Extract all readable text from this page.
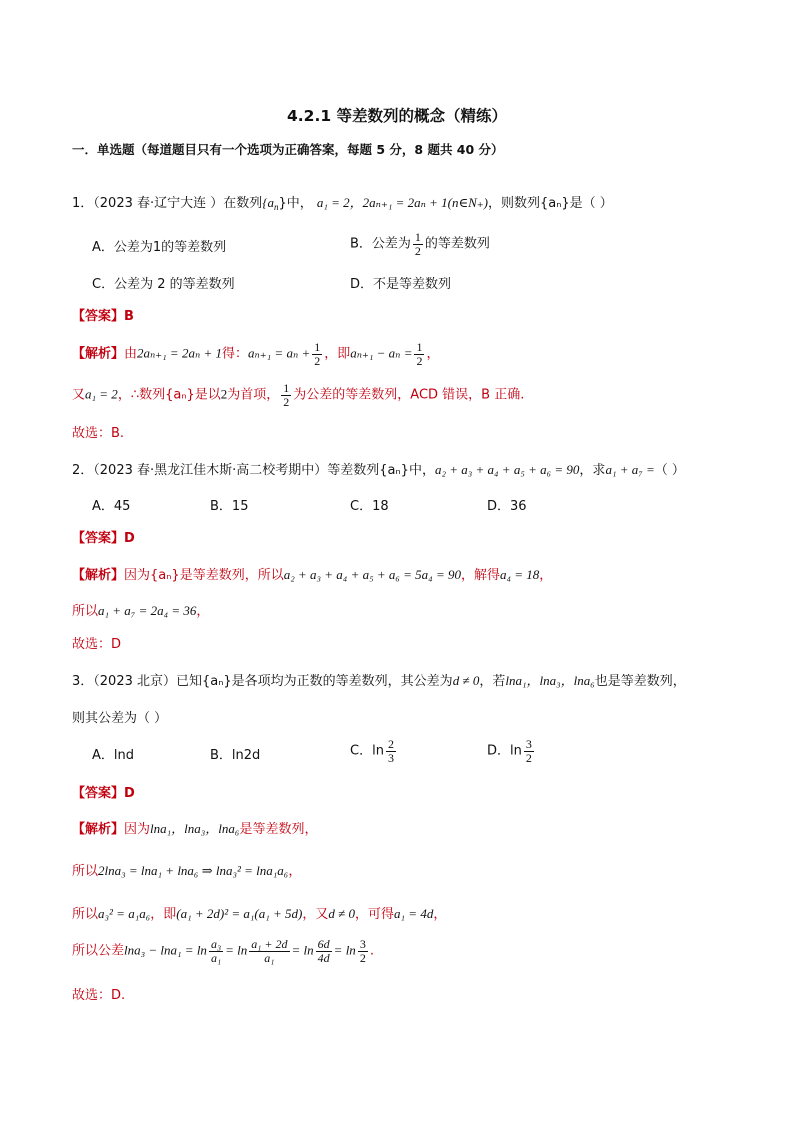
4.2.1 等差数列的概念（精练）
一．单选题（每道题目只有一个选项为正确答案，每题 5 分，8 题共 40 分）
1．（2023 春·辽宁大连 ）在数列$\{a_n\}$中， a₁ = 2，2aₙ₊₁ = 2aₙ + 1(n∈N₊)，则数列{aₙ}是（ ）
A．公差为1的等差数列	B．公差为 $\frac{1}{2}$ 的等差数列
C．公差为 2 的等差数列	D．不是等差数列
【答案】B
【解析】由2aₙ₊₁ = 2aₙ + 1得：$a_{n+1} = a_n + \frac{1}{2}$ ，即$a_{n+1} - a_n = \frac{1}{2}$ ，
又a₁ = 2，∴数列{aₙ}是以2为首项， $\frac{1}{2}$ 为公差的等差数列，ACD 错误，B 正确.
故选：B.
2．（2023 春·黑龙江佳木斯·高二校考期中）等差数列{aₙ}中，a₂ + a₃ + a₄ + a₅ + a₆ = 90，求a₁ + a₇ =（ ）
A．45	B．15	C．18	D．36
【答案】D
【解析】因为{aₙ}是等差数列，所以a₂ + a₃ + a₄ + a₅ + a₆ = 5a₄ = 90，解得a₄ = 18，
所以a₁ + a₇ = 2a₄ = 36，
故选：D
3．（2023 北京）已知{aₙ}是各项均为正数的等差数列，其公差为d ≠ 0，若lna₁，lna₃，lna₆也是等差数列，
则其公差为（ ）
A．lnd	B．ln2d	C．$\ln \frac{2}{3}$	D．$\ln \frac{3}{2}$
【答案】D
【解析】因为lna₁，lna₃，lna₆是等差数列，
所以2lna₃ = lna₁ + lna₆ ⇒ lna₃² = lna₁a₆，
所以a₃² = a₁a₆，即(a₁ + 2d)² = a₁(a₁ + 5d)，又d ≠ 0，可得a₁ = 4d，
所以公差$\ln a_3 - \ln a_1 = \ln \frac{\text{a₃}}{\text{a₁}} = \ln \frac{\text{a₁ + 2d}}{\text{a₁}} = \ln \frac{6d}{4d} = \ln \frac{3}{2}$ .
故选：D.
